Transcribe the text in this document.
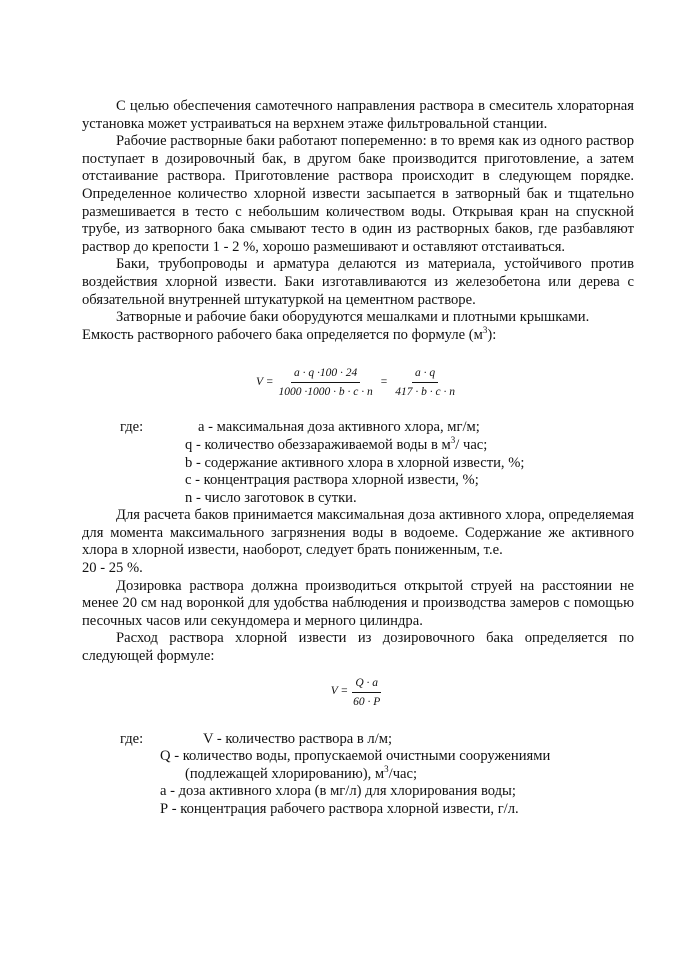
С целью обеспечения самотечного направления раствора в смеситель хлораторная установка может устраиваться на верхнем этаже фильтровальной станции.

Рабочие растворные баки работают попеременно: в то время как из одного раствор поступает в дозировочный бак, в другом баке производится приготовление, а затем отстаивание раствора. Приготовление раствора происходит в следующем порядке. Определенное количество хлорной извести засыпается в затворный бак и тщательно размешивается в тесто с небольшим количеством воды. Открывая кран на спускной трубе, из затворного бака смывают тесто в один из растворных баков, где разбавляют раствор до крепости 1 - 2 %, хорошо размешивают и оставляют отстаиваться.

Баки, трубопроводы и арматура делаются из материала, устойчивого против воздействия хлорной извести. Баки изготавливаются из железобетона или дерева с обязательной внутренней штукатуркой на цементном растворе.

Затворные и рабочие баки оборудуются мешалками и плотными крышками.

Емкость растворного рабочего бака определяется по формуле $(м^3)$:

$V = \frac{a \cdot q \cdot 100 \cdot 24}{1000 \cdot 1000 \cdot b \cdot c \cdot n} = \frac{a \cdot q}{417 \cdot b \cdot c \cdot n}$
где:	a - максимальная доза активного хлора, мг/м;
q - количество обеззараживаемой воды в $м^3/$ час;
b - содержание активного хлора в хлорной извести, %;
c - концентрация раствора хлорной извести, %;
n - число заготовок в сутки.

Для расчета баков принимается максимальная доза активного хлора, определяемая для момента максимального загрязнения воды в водоеме. Содержание же активного хлора в хлорной извести, наоборот, следует брать пониженным, т.е.

20 - 25 %.

Дозировка раствора должна производиться открытой струей на расстоянии не менее 20 см над воронкой для удобства наблюдения и производства замеров с помощью песочных часов или секундомера и мерного цилиндра.

Расход раствора хлорной извести из дозировочного бака определяется по следующей формуле:

$V = \frac{Q \cdot a}{60 \cdot P}$
где:	V - количество раствора в л/м;
Q - количество воды, пропускаемой очистными сооружениями
(подлежащей хлорированию), $м^3$/час;
а - доза активного хлора (в мг/л) для хлорирования воды;
Р - концентрация рабочего раствора хлорной извести, г/л.
